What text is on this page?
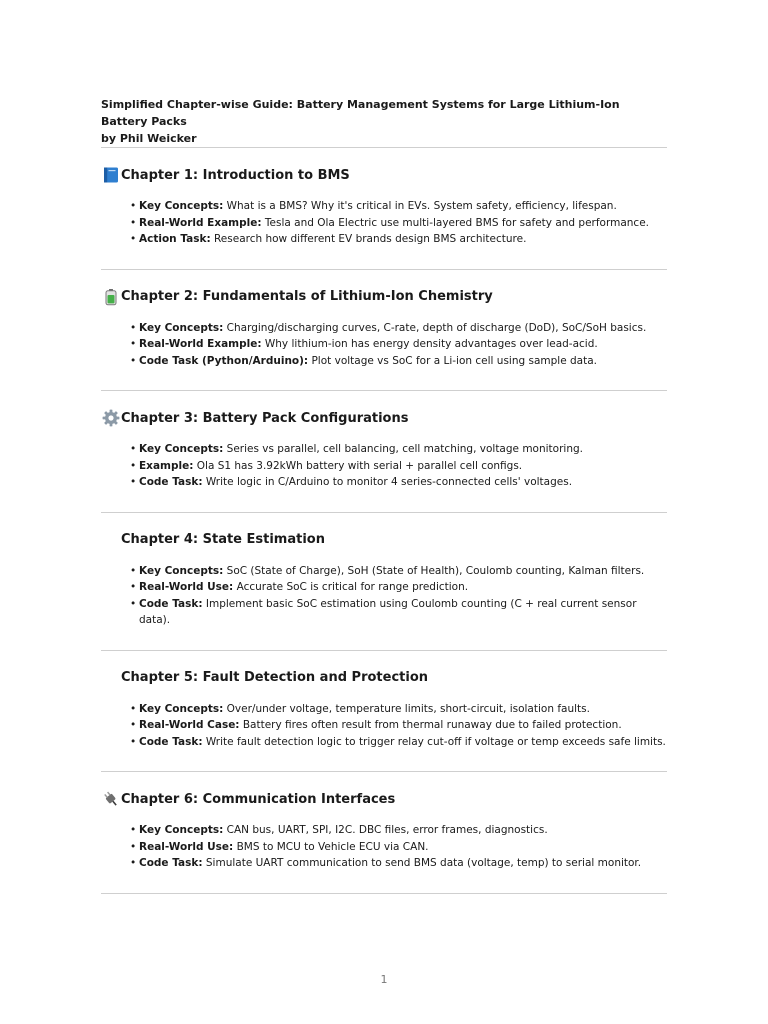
Simplified Chapter-wise Guide: Battery Management Systems for Large Lithium-Ion Battery Packs
by Phil Weicker

Chapter 1: Introduction to BMS
• Key Concepts: What is a BMS? Why it's critical in EVs. System safety, efficiency, lifespan.
• Real-World Example: Tesla and Ola Electric use multi-layered BMS for safety and performance.
• Action Task: Research how different EV brands design BMS architecture.
Chapter 2: Fundamentals of Lithium-Ion Chemistry
• Key Concepts: Charging/discharging curves, C-rate, depth of discharge (DoD), SoC/SoH basics.
• Real-World Example: Why lithium-ion has energy density advantages over lead-acid.
• Code Task (Python/Arduino): Plot voltage vs SoC for a Li-ion cell using sample data.
Chapter 3: Battery Pack Configurations
• Key Concepts: Series vs parallel, cell balancing, cell matching, voltage monitoring.
• Example: Ola S1 has 3.92kWh battery with serial + parallel cell configs.
• Code Task: Write logic in C/Arduino to monitor 4 series-connected cells' voltages.
Chapter 4: State Estimation
• Key Concepts: SoC (State of Charge), SoH (State of Health), Coulomb counting, Kalman filters.
• Real-World Use: Accurate SoC is critical for range prediction.
• Code Task: Implement basic SoC estimation using Coulomb counting (C + real current sensor data).
Chapter 5: Fault Detection and Protection
• Key Concepts: Over/under voltage, temperature limits, short-circuit, isolation faults.
• Real-World Case: Battery fires often result from thermal runaway due to failed protection.
• Code Task: Write fault detection logic to trigger relay cut-off if voltage or temp exceeds safe limits.
Chapter 6: Communication Interfaces
• Key Concepts: CAN bus, UART, SPI, I2C. DBC files, error frames, diagnostics.
• Real-World Use: BMS to MCU to Vehicle ECU via CAN.
• Code Task: Simulate UART communication to send BMS data (voltage, temp) to serial monitor.
1
